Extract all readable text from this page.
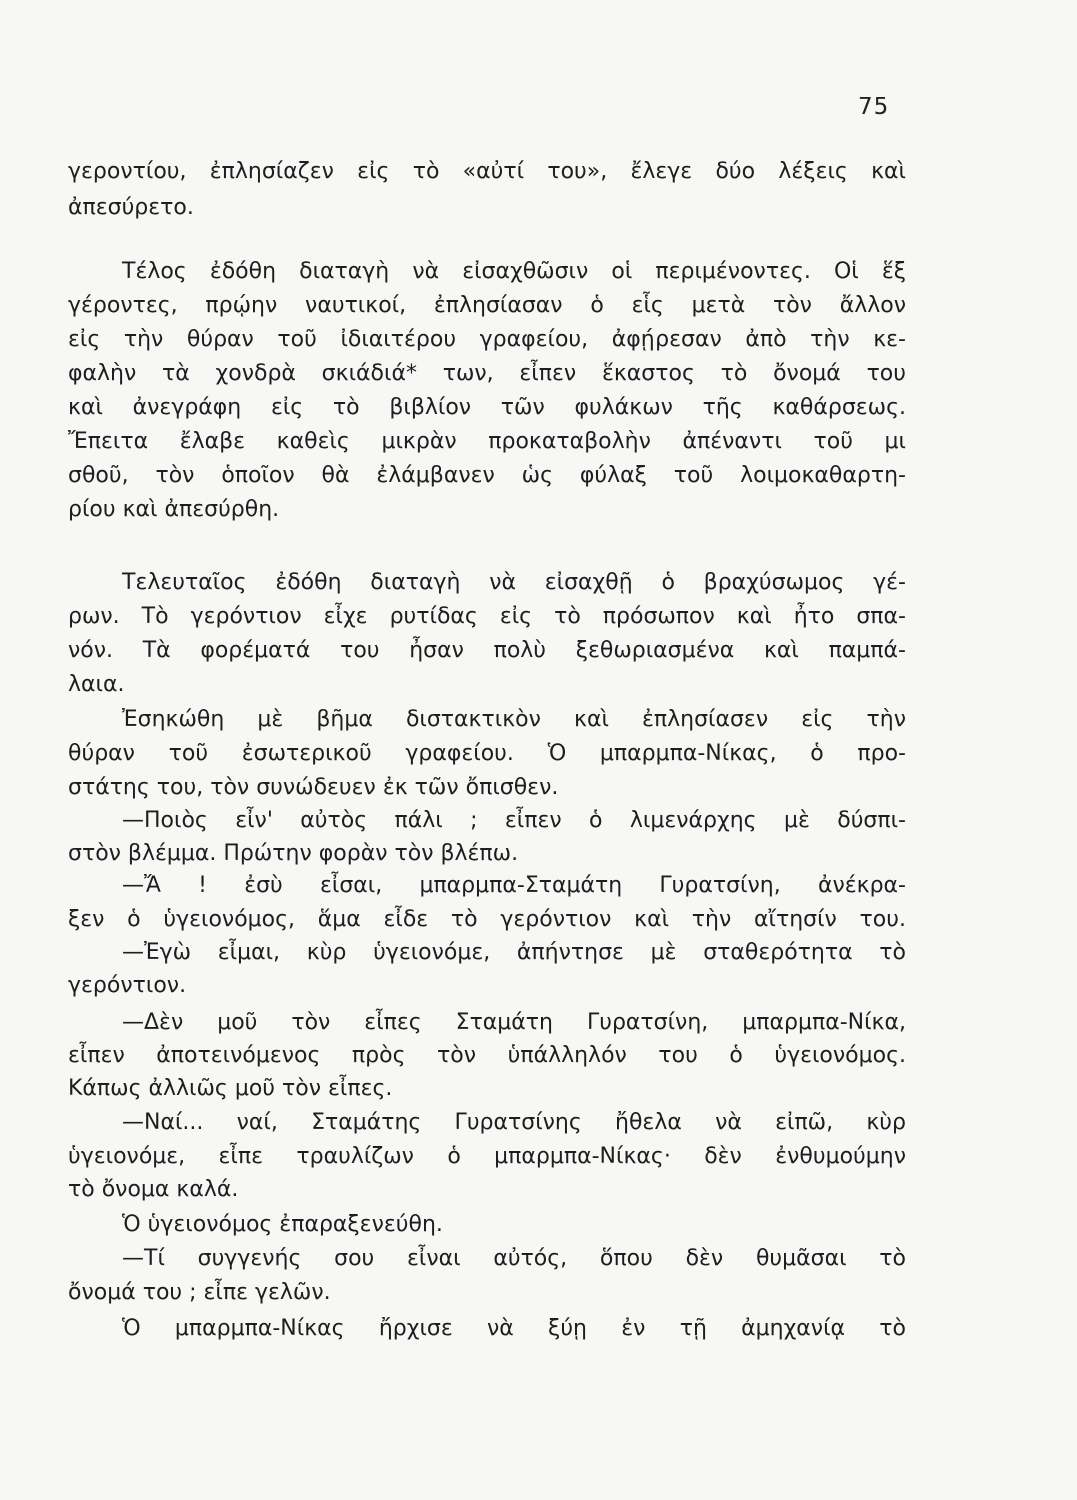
75
γεροντίου, ἐπλησίαζεν εἰς τὸ «αὐτί του», ἔλεγε δύο λέξεις καὶ
ἀπεσύρετο.
Τέλος ἐδόθη διαταγὴ νὰ εἰσαχθῶσιν οἱ περιμένοντες. Οἱ ἕξ
γέροντες, πρῴην ναυτικοί, ἐπλησίασαν ὁ εἷς μετὰ τὸν ἄλλον
εἰς τὴν θύραν τοῦ ἰδιαιτέρου γραφείου, ἀφῄρεσαν ἀπὸ τὴν κε-
φαλὴν τὰ χονδρὰ σκιάδιά* των, εἶπεν ἕκαστος τὸ ὄνομά του
καὶ ἀνεγράφη εἰς τὸ βιβλίον τῶν φυλάκων τῆς καθάρσεως.
Ἔπειτα ἔλαβε καθεὶς μικρὰν προκαταβολὴν ἀπέναντι τοῦ μι
σθοῦ, τὸν ὁποῖον θὰ ἐλάμβανεν ὡς φύλαξ τοῦ λοιμοκαθαρτη-
ρίου καὶ ἀπεσύρθη.
Τελευταῖος ἐδόθη διαταγὴ νὰ εἰσαχθῇ ὁ βραχύσωμος γέ-
ρων. Τὸ γερόντιον εἶχε ρυτίδας εἰς τὸ πρόσωπον καὶ ἦτο σπα-
νόν. Τὰ φορέματά του ἦσαν πολὺ ξεθωριασμένα καὶ παμπά-
λαια.
Ἐσηκώθη μὲ βῆμα διστακτικὸν καὶ ἐπλησίασεν εἰς τὴν
θύραν τοῦ ἐσωτερικοῦ γραφείου. Ὁ μπαρμπα-Νίκας, ὁ προ-
στάτης του, τὸν συνώδευεν ἐκ τῶν ὄπισθεν.
—Ποιὸς εἶν' αὐτὸς πάλι ; εἶπεν ὁ λιμενάρχης μὲ δύσπι-
στὸν βλέμμα. Πρώτην φορὰν τὸν βλέπω.
—Ἄ ! ἐσὺ εἶσαι, μπαρμπα-Σταμάτη Γυρατσίνη, ἀνέκρα-
ξεν ὁ ὑγειονόμος, ἅμα εἶδε τὸ γερόντιον καὶ τὴν αἴτησίν του.
—Ἐγὼ εἶμαι, κὺρ ὑγειονόμε, ἀπήντησε μὲ σταθερότητα τὸ
γερόντιον.
—Δὲν μοῦ τὸν εἶπες Σταμάτη Γυρατσίνη, μπαρμπα-Νίκα,
εἶπεν ἀποτεινόμενος πρὸς τὸν ὑπάλληλόν του ὁ ὑγειονόμος.
Κάπως ἀλλιῶς μοῦ τὸν εἶπες.
—Ναί... ναί, Σταμάτης Γυρατσίνης ἤθελα νὰ εἰπῶ, κὺρ
ὑγειονόμε, εἶπε τραυλίζων ὁ μπαρμπα-Νίκας· δὲν ἐνθυμούμην
τὸ ὄνομα καλά.
Ὁ ὑγειονόμος ἐπαραξενεύθη.
—Τί συγγενής σου εἶναι αὐτός, ὅπου δὲν θυμᾶσαι τὸ
ὄνομά του ; εἶπε γελῶν.
Ὁ μπαρμπα-Νίκας ἤρχισε νὰ ξύῃ ἐν τῇ ἀμηχανίᾳ τὸ
